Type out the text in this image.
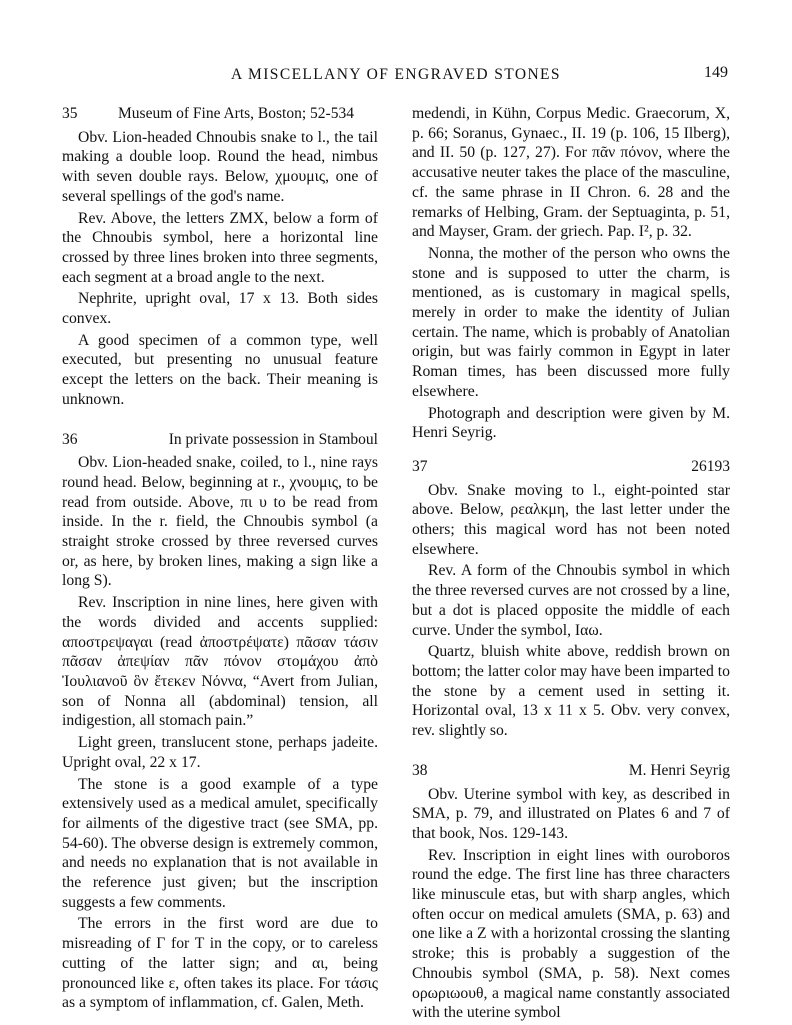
A MISCELLANY OF ENGRAVED STONES	149
35	Museum of Fine Arts, Boston; 52-534

Obv. Lion-headed Chnoubis snake to l., the tail making a double loop. Round the head, nimbus with seven double rays. Below, χμουμις, one of several spellings of the god's name.

Rev. Above, the letters ZMX, below a form of the Chnoubis symbol, here a horizontal line crossed by three lines broken into three segments, each segment at a broad angle to the next.

Nephrite, upright oval, 17 x 13. Both sides convex.

A good specimen of a common type, well executed, but presenting no unusual feature except the letters on the back. Their meaning is unknown.

36	In private possession in Stamboul

Obv. Lion-headed snake, coiled, to l., nine rays round head. Below, beginning at r., χνουμις, to be read from outside. Above, πι υ to be read from inside. In the r. field, the Chnoubis symbol (a straight stroke crossed by three reversed curves or, as here, by broken lines, making a sign like a long S).

Rev. Inscription in nine lines, here given with the words divided and accents supplied: αποστρεψαγαι (read ἀποστρέψατε) πᾶσαν τάσιν πᾶσαν ἀπεψίαν πᾶν πόνον στομάχου ἀπὸ Ἰουλιανοῦ ὃν ἔτεκεν Νόννα, “Avert from Julian, son of Nonna all (abdominal) tension, all indigestion, all stomach pain.”

Light green, translucent stone, perhaps jadeite. Upright oval, 22 x 17.

The stone is a good example of a type extensively used as a medical amulet, specifically for ailments of the digestive tract (see SMA, pp. 54-60). The obverse design is extremely common, and needs no explanation that is not available in the reference just given; but the inscription suggests a few comments.

The errors in the first word are due to misreading of Γ for T in the copy, or to careless cutting of the latter sign; and αι, being pronounced like ε, often takes its place. For τάσις as a symptom of inflammation, cf. Galen, Meth.

medendi, in Kühn, Corpus Medic. Graecorum, X, p. 66; Soranus, Gynaec., II. 19 (p. 106, 15 Ilberg), and II. 50 (p. 127, 27). For πᾶν πόνον, where the accusative neuter takes the place of the masculine, cf. the same phrase in II Chron. 6. 28 and the remarks of Helbing, Gram. der Septuaginta, p. 51, and Mayser, Gram. der griech. Pap. I², p. 32.

Nonna, the mother of the person who owns the stone and is supposed to utter the charm, is mentioned, as is customary in magical spells, merely in order to make the identity of Julian certain. The name, which is probably of Anatolian origin, but was fairly common in Egypt in later Roman times, has been discussed more fully elsewhere.

Photograph and description were given by M. Henri Seyrig.

37	26193

Obv. Snake moving to l., eight-pointed star above. Below, ρεαλκμη, the last letter under the others; this magical word has not been noted elsewhere.

Rev. A form of the Chnoubis symbol in which the three reversed curves are not crossed by a line, but a dot is placed opposite the middle of each curve. Under the symbol, Ιαω.

Quartz, bluish white above, reddish brown on bottom; the latter color may have been imparted to the stone by a cement used in setting it. Horizontal oval, 13 x 11 x 5. Obv. very convex, rev. slightly so.

38	M. Henri Seyrig

Obv. Uterine symbol with key, as described in SMA, p. 79, and illustrated on Plates 6 and 7 of that book, Nos. 129-143.

Rev. Inscription in eight lines with ouroboros round the edge. The first line has three characters like minuscule etas, but with sharp angles, which often occur on medical amulets (SMA, p. 63) and one like a Z with a horizontal crossing the slanting stroke; this is probably a suggestion of the Chnoubis symbol (SMA, p. 58). Next comes ορωριωουθ, a magical name constantly associated with the uterine symbol
